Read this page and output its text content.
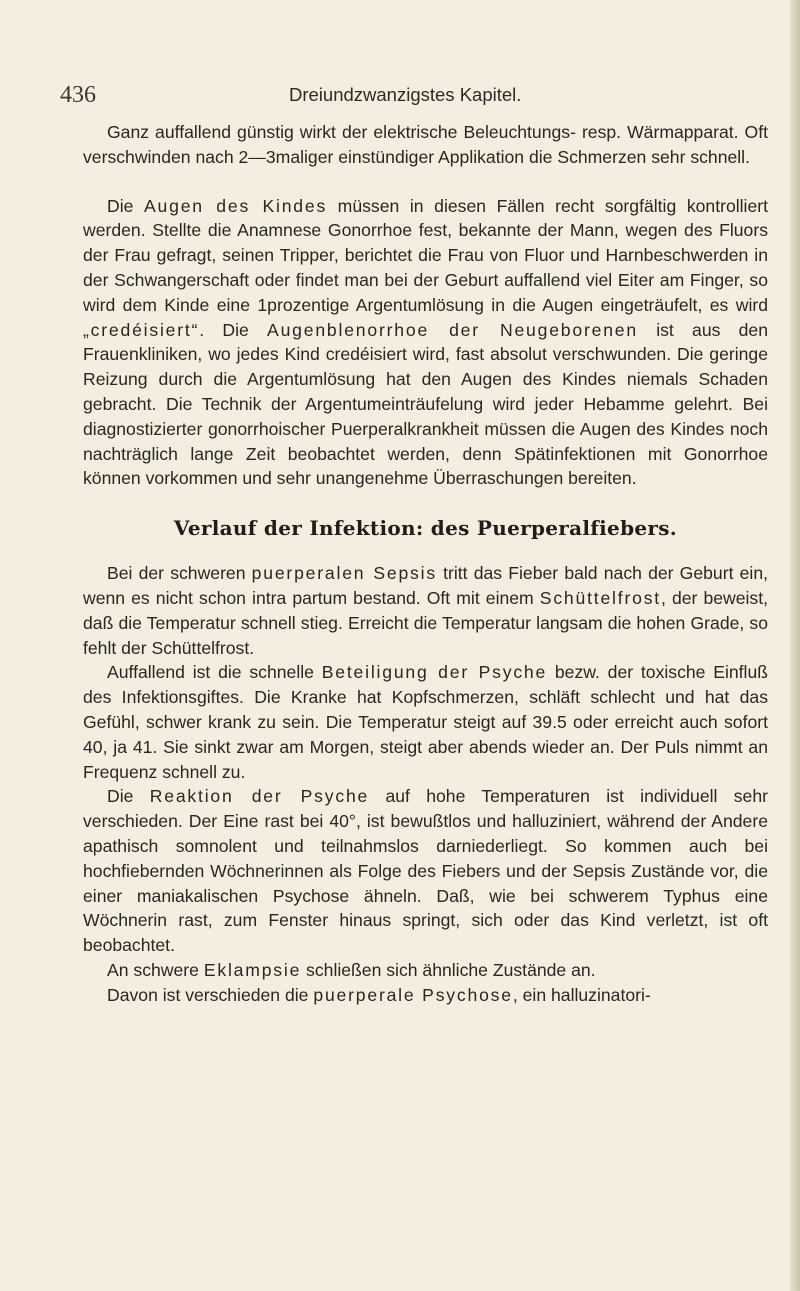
436	Dreiundzwanzigstes Kapitel.

Ganz auffallend günstig wirkt der elektrische Beleuchtungs- resp. Wärmapparat. Oft verschwinden nach 2—3maliger einstündiger Applikation die Schmerzen sehr schnell.

Die Augen des Kindes müssen in diesen Fällen recht sorgfältig kontrolliert werden. Stellte die Anamnese Gonorrhoe fest, bekannte der Mann, wegen des Fluors der Frau gefragt, seinen Tripper, berichtet die Frau von Fluor und Harnbeschwerden in der Schwangerschaft oder findet man bei der Geburt auffallend viel Eiter am Finger, so wird dem Kinde eine 1prozentige Argentumlösung in die Augen eingeträufelt, es wird „credéisiert“. Die Augenblenorrhoe der Neugeborenen ist aus den Frauenkliniken, wo jedes Kind credéisiert wird, fast absolut verschwunden. Die geringe Reizung durch die Argentumlösung hat den Augen des Kindes niemals Schaden gebracht. Die Technik der Argentumeinträufelung wird jeder Hebamme gelehrt. Bei diagnostizierter gonorrhoischer Puerperalkrankheit müssen die Augen des Kindes noch nachträglich lange Zeit beobachtet werden, denn Spätinfektionen mit Gonorrhoe können vorkommen und sehr unangenehme Überraschungen bereiten.

Verlauf der Infektion: des Puerperalfiebers.

Bei der schweren puerperalen Sepsis tritt das Fieber bald nach der Geburt ein, wenn es nicht schon intra partum bestand. Oft mit einem Schüttelfrost, der beweist, daß die Temperatur schnell stieg. Erreicht die Temperatur langsam die hohen Grade, so fehlt der Schüttelfrost.

Auffallend ist die schnelle Beteiligung der Psyche bezw. der toxische Einfluß des Infektionsgiftes. Die Kranke hat Kopfschmerzen, schläft schlecht und hat das Gefühl, schwer krank zu sein. Die Temperatur steigt auf 39.5 oder erreicht auch sofort 40, ja 41. Sie sinkt zwar am Morgen, steigt aber abends wieder an. Der Puls nimmt an Frequenz schnell zu.

Die Reaktion der Psyche auf hohe Temperaturen ist individuell sehr verschieden. Der Eine rast bei 40°, ist bewußtlos und halluziniert, während der Andere apathisch somnolent und teilnahmslos darniederliegt. So kommen auch bei hochfiebernden Wöchnerinnen als Folge des Fiebers und der Sepsis Zustände vor, die einer maniakalischen Psychose ähneln. Daß, wie bei schwerem Typhus eine Wöchnerin rast, zum Fenster hinaus springt, sich oder das Kind verletzt, ist oft beobachtet.

An schwere Eklampsie schließen sich ähnliche Zustände an.

Davon ist verschieden die puerperale Psychose, ein halluzinatori-
